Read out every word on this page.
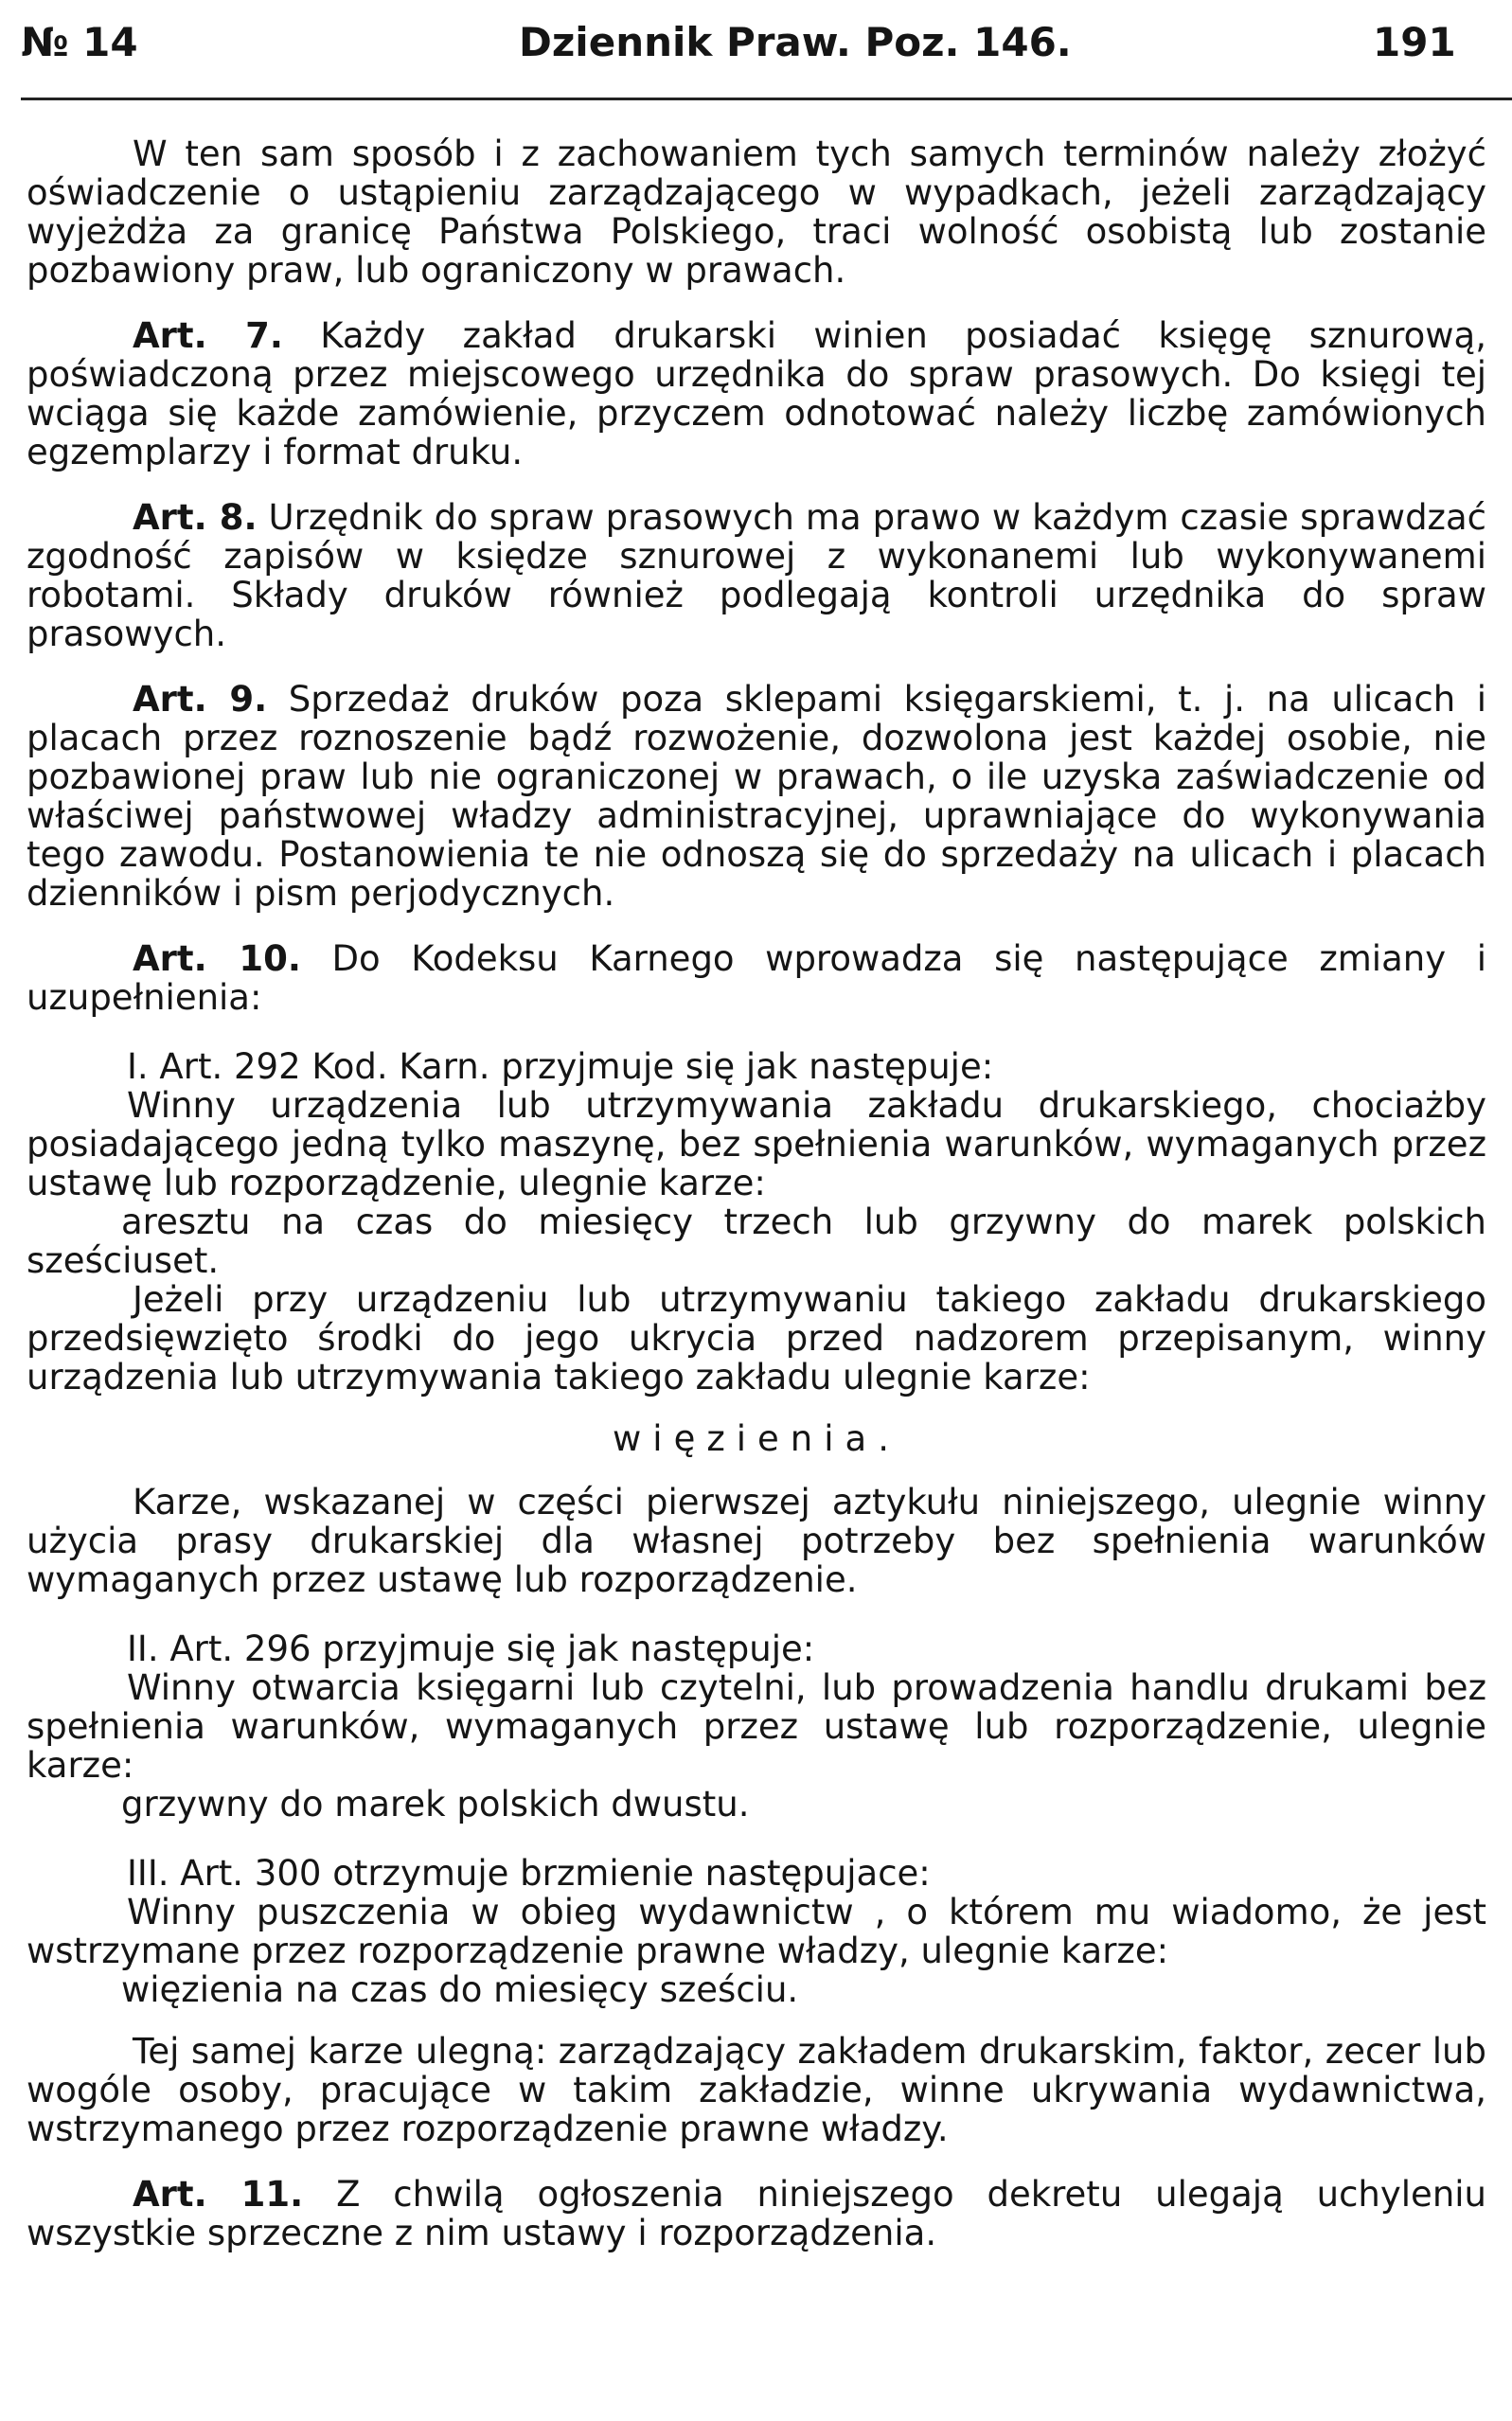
№ 14	Dziennik Praw. Poz. 146.	191

W ten sam sposób i z zachowaniem tych samych terminów należy złożyć oświadczenie o ustąpieniu zarządzającego w wypadkach, jeżeli zarządzający wyjeżdża za granicę Państwa Polskiego, traci wolność osobistą lub zostanie pozbawiony praw, lub ograniczony w prawach.

Art. 7. Każdy zakład drukarski winien posiadać księgę sznurową, poświadczoną przez miejscowego urzędnika do spraw prasowych. Do księgi tej wciąga się każde zamówienie, przyczem odnotować należy liczbę zamówionych egzemplarzy i format druku.

Art. 8. Urzędnik do spraw prasowych ma prawo w każdym czasie sprawdzać zgodność zapisów w księdze sznurowej z wykonanemi lub wykonywanemi robotami. Składy druków również podlegają kontroli urzędnika do spraw prasowych.

Art. 9. Sprzedaż druków poza sklepami księgarskiemi, t. j. na ulicach i placach przez roznoszenie bądź rozwożenie, dozwolona jest każdej osobie, nie pozbawionej praw lub nie ograniczonej w prawach, o ile uzyska zaświadczenie od właściwej państwowej władzy administracyjnej, uprawniające do wykonywania tego zawodu. Postanowienia te nie odnoszą się do sprzedaży na ulicach i placach dzienników i pism perjodycznych.

Art. 10. Do Kodeksu Karnego wprowadza się następujące zmiany i uzupełnienia:

I. Art. 292 Kod. Karn. przyjmuje się jak następuje:

Winny urządzenia lub utrzymywania zakładu drukarskiego, chociażby posiadającego jedną tylko maszynę, bez spełnienia warunków, wymaganych przez ustawę lub rozporządzenie, ulegnie karze:

aresztu na czas do miesięcy trzech lub grzywny do marek polskich sześciuset.

Jeżeli przy urządzeniu lub utrzymywaniu takiego zakładu drukarskiego przedsięwzięto środki do jego ukrycia przed nadzorem przepisanym, winny urządzenia lub utrzymywania takiego zakładu ulegnie karze:

więzienia.

Karze, wskazanej w części pierwszej aztykułu niniejszego, ulegnie winny użycia prasy drukarskiej dla własnej potrzeby bez spełnienia warunków wymaganych przez ustawę lub rozporządzenie.

II. Art. 296 przyjmuje się jak następuje:

Winny otwarcia księgarni lub czytelni, lub prowadzenia handlu drukami bez spełnienia warunków, wymaganych przez ustawę lub rozporządzenie, ulegnie karze:

grzywny do marek polskich dwustu.

III. Art. 300 otrzymuje brzmienie następujace:

Winny puszczenia w obieg wydawnictw , o którem mu wiadomo, że jest wstrzymane przez rozporządzenie prawne władzy, ulegnie karze:

więzienia na czas do miesięcy sześciu.

Tej samej karze ulegną: zarządzający zakładem drukarskim, faktor, zecer lub wogóle osoby, pracujące w takim zakładzie, winne ukrywania wydawnictwa, wstrzymanego przez rozporządzenie prawne władzy.

Art. 11. Z chwilą ogłoszenia niniejszego dekretu ulegają uchyleniu wszystkie sprzeczne z nim ustawy i rozporządzenia.
